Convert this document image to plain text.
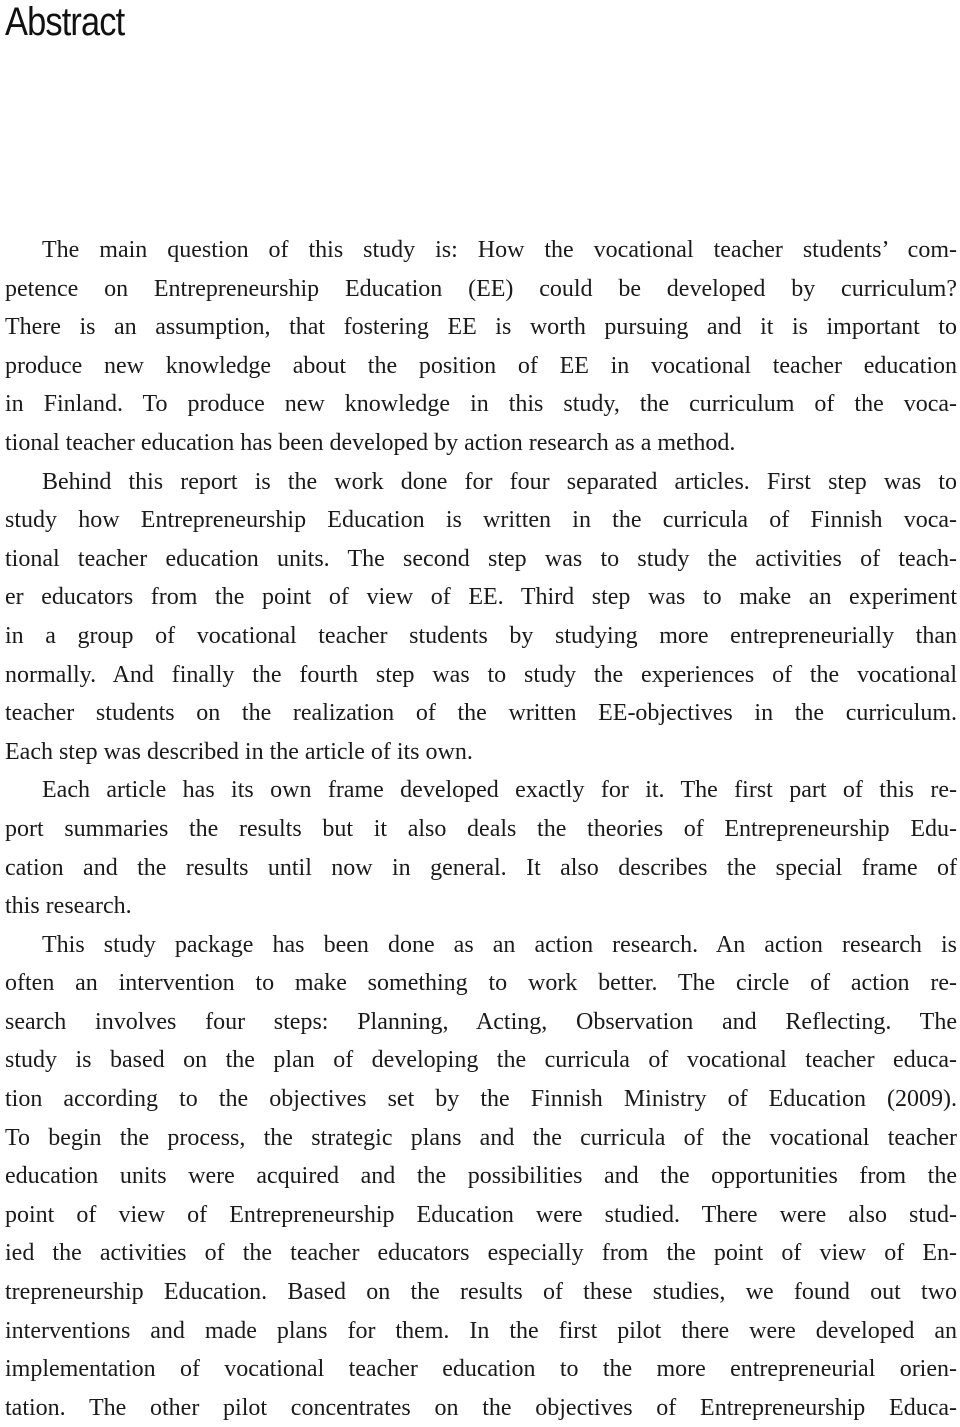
Abstract
The main question of this study is: How the vocational teacher students’ com-
petence on Entrepreneurship Education (EE) could be developed by curriculum?
There is an assumption, that fostering EE is worth pursuing and it is important to
produce new knowledge about the position of EE in vocational teacher education
in Finland. To produce new knowledge in this study, the curriculum of the voca-
tional teacher education has been developed by action research as a method.
Behind this report is the work done for four separated articles. First step was to
study how Entrepreneurship Education is written in the curricula of Finnish voca-
tional teacher education units. The second step was to study the activities of teach-
er educators from the point of view of EE. Third step was to make an experiment
in a group of vocational teacher students by studying more entrepreneurially than
normally. And finally the fourth step was to study the experiences of the vocational
teacher students on the realization of the written EE-objectives in the curriculum.
Each step was described in the article of its own.
Each article has its own frame developed exactly for it. The first part of this re-
port summaries the results but it also deals the theories of Entrepreneurship Edu-
cation and the results until now in general. It also describes the special frame of
this research.
This study package has been done as an action research. An action research is
often an intervention to make something to work better. The circle of action re-
search involves four steps: Planning, Acting, Observation and Reflecting. The
study is based on the plan of developing the curricula of vocational teacher educa-
tion according to the objectives set by the Finnish Ministry of Education (2009).
To begin the process, the strategic plans and the curricula of the vocational teacher
education units were acquired and the possibilities and the opportunities from the
point of view of Entrepreneurship Education were studied. There were also stud-
ied the activities of the teacher educators especially from the point of view of En-
trepreneurship Education. Based on the results of these studies, we found out two
interventions and made plans for them. In the first pilot there were developed an
implementation of vocational teacher education to the more entrepreneurial orien-
tation. The other pilot concentrates on the objectives of Entrepreneurship Educa-
